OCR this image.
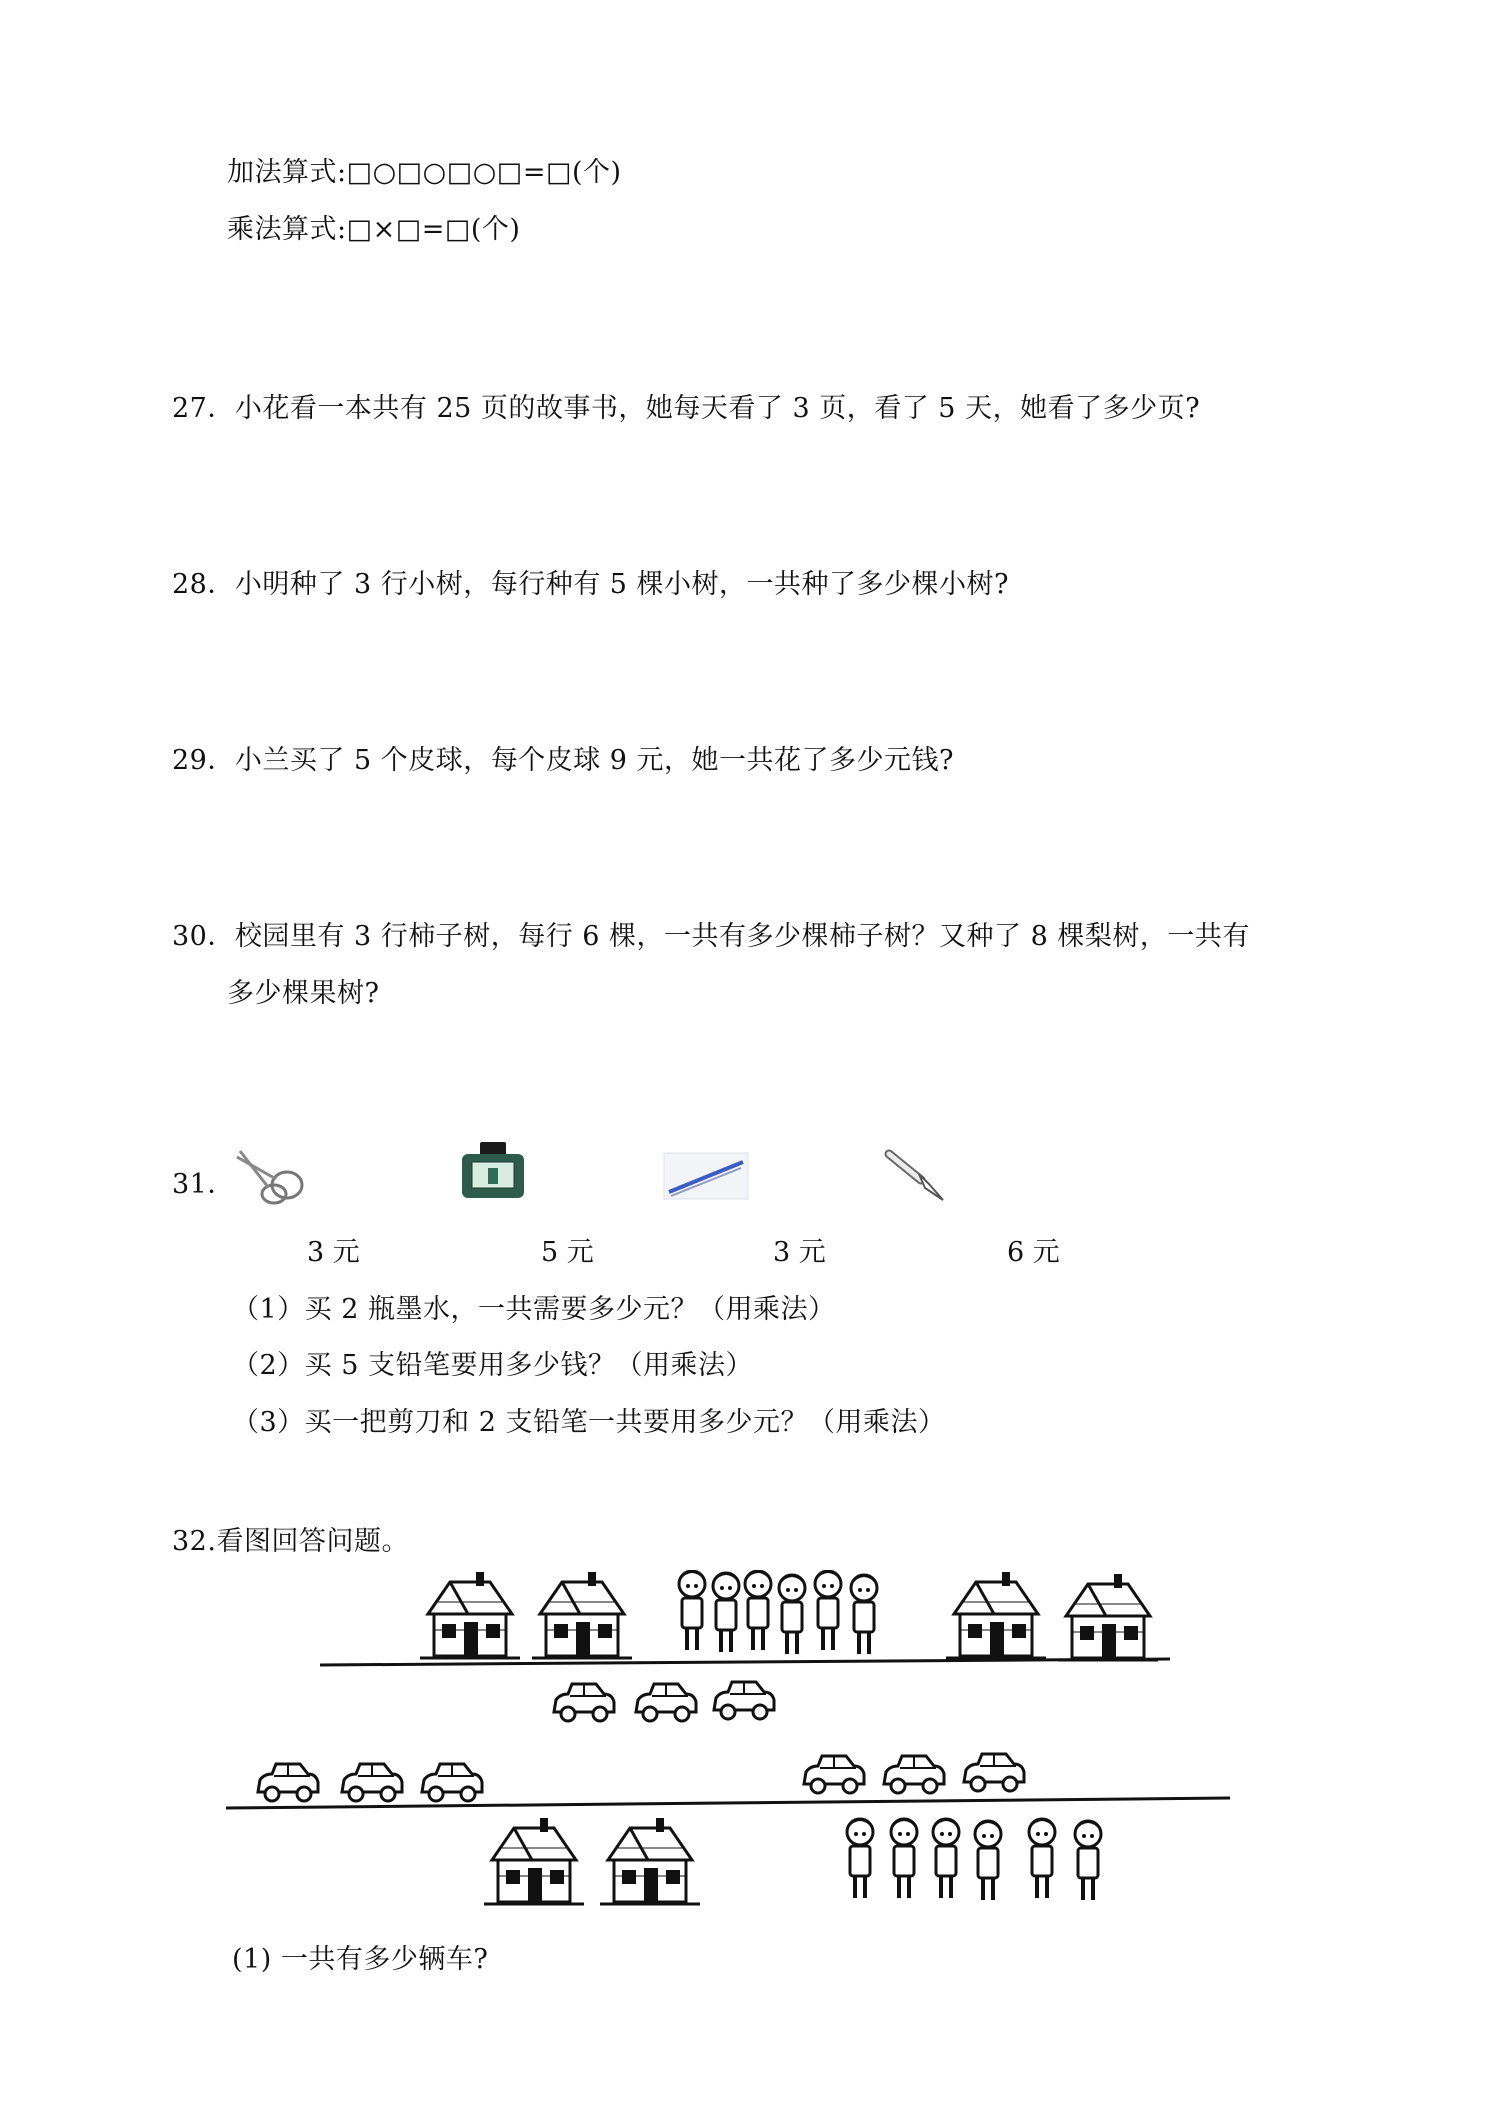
加法算式:□○□○□○□=□(个)
乘法算式:□×□=□(个)
27．小花看一本共有 25 页的故事书，她每天看了 3 页，看了 5 天，她看了多少页?
28．小明种了 3 行小树，每行种有 5 棵小树，一共种了多少棵小树?
29．小兰买了 5 个皮球，每个皮球 9 元，她一共花了多少元钱?
30．校园里有 3 行柿子树，每行 6 棵，一共有多少棵柿子树？又种了 8 棵梨树，一共有
多少棵果树?
31．
3 元	5 元	3 元	6 元
（1）买 2 瓶墨水，一共需要多少元？（用乘法）
（2）买 5 支铅笔要用多少钱？（用乘法）
（3）买一把剪刀和 2 支铅笔一共要用多少元？（用乘法）
32.看图回答问题。
(1) 一共有多少辆车?
